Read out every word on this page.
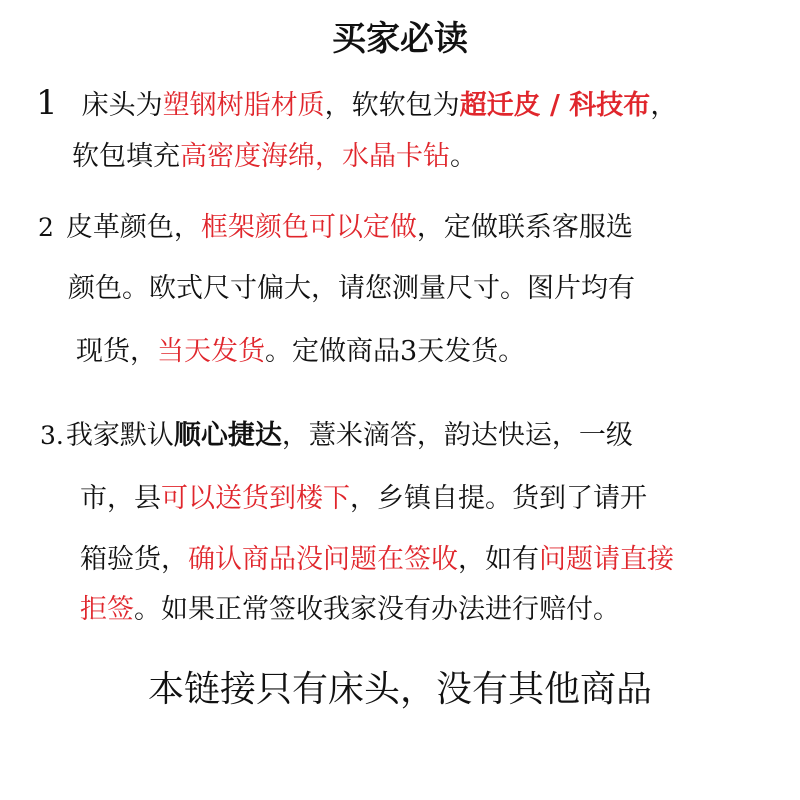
买家必读
1 床头为塑钢树脂材质，软软包为超迁皮 / 科技布，
软包填充高密度海绵，水晶卡钻。
2 皮革颜色，框架颜色可以定做，定做联系客服选
颜色。欧式尺寸偏大，请您测量尺寸。图片均有
现货，当天发货。定做商品3天发货。
3.我家默认顺心捷达，薏米滴答，韵达快运，一级
市，县可以送货到楼下，乡镇自提。货到了请开
箱验货，确认商品没问题在签收，如有问题请直接
拒签。如果正常签收我家没有办法进行赔付。
本链接只有床头，没有其他商品
